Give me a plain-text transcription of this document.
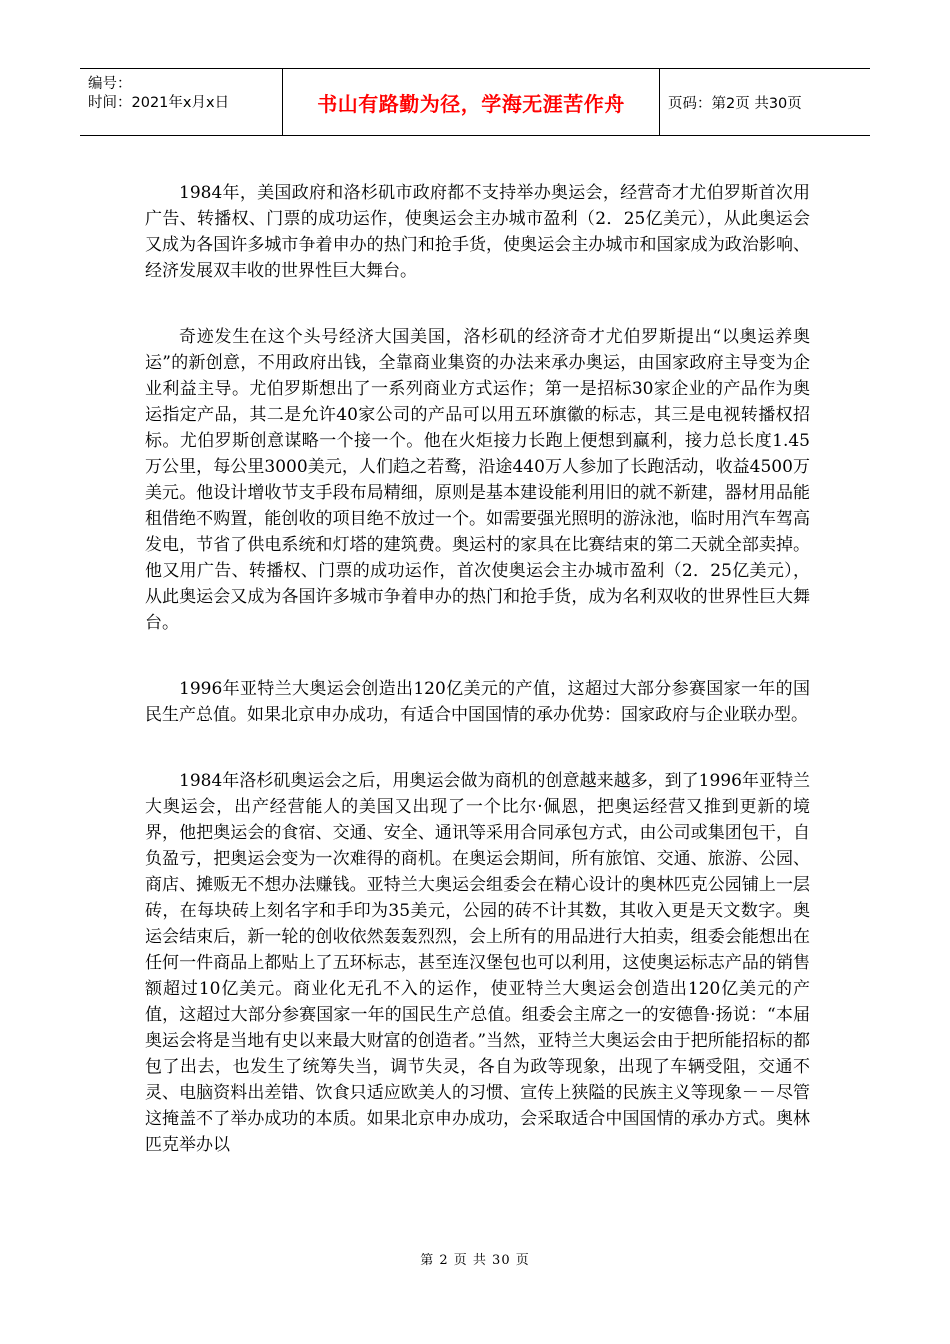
编号：
时间：2021年x月x日	书山有路勤为径，学海无涯苦作舟	页码：第2页 共30页

1984年，美国政府和洛杉矶市政府都不支持举办奥运会，经营奇才尤伯罗斯首次用广告、转播权、门票的成功运作，使奥运会主办城市盈利（2．25亿美元），从此奥运会又成为各国许多城市争着申办的热门和抢手货，使奥运会主办城市和国家成为政治影响、经济发展双丰收的世界性巨大舞台。

奇迹发生在这个头号经济大国美国，洛杉矶的经济奇才尤伯罗斯提出“以奥运养奥运”的新创意，不用政府出钱，全靠商业集资的办法来承办奥运，由国家政府主导变为企业利益主导。尤伯罗斯想出了一系列商业方式运作；第一是招标30家企业的产品作为奥运指定产品，其二是允许40家公司的产品可以用五环旗徽的标志，其三是电视转播权招标。尤伯罗斯创意谋略一个接一个。他在火炬接力长跑上便想到赢利，接力总长度1.45万公里，每公里3000美元，人们趋之若鹜，沿途440万人参加了长跑活动，收益4500万美元。他设计增收节支手段布局精细，原则是基本建设能利用旧的就不新建，器材用品能租借绝不购置，能创收的项目绝不放过一个。如需要强光照明的游泳池，临时用汽车驾高发电，节省了供电系统和灯塔的建筑费。奥运村的家具在比赛结束的第二天就全部卖掉。他又用广告、转播权、门票的成功运作，首次使奥运会主办城市盈利（2．25亿美元），从此奥运会又成为各国许多城市争着申办的热门和抢手货，成为名利双收的世界性巨大舞台。

1996年亚特兰大奥运会创造出120亿美元的产值，这超过大部分参赛国家一年的国民生产总值。如果北京申办成功，有适合中国国情的承办优势：国家政府与企业联办型。

1984年洛杉矶奥运会之后，用奥运会做为商机的创意越来越多，到了1996年亚特兰大奥运会，出产经营能人的美国又出现了一个比尔·佩恩，把奥运经营又推到更新的境界，他把奥运会的食宿、交通、安全、通讯等采用合同承包方式，由公司或集团包干，自负盈亏，把奥运会变为一次难得的商机。在奥运会期间，所有旅馆、交通、旅游、公园、商店、摊贩无不想办法赚钱。亚特兰大奥运会组委会在精心设计的奥林匹克公园铺上一层砖，在每块砖上刻名字和手印为35美元，公园的砖不计其数，其收入更是天文数字。奥运会结束后，新一轮的创收依然轰轰烈烈，会上所有的用品进行大拍卖，组委会能想出在任何一件商品上都贴上了五环标志，甚至连汉堡包也可以利用，这使奥运标志产品的销售额超过10亿美元。商业化无孔不入的运作，使亚特兰大奥运会创造出120亿美元的产值，这超过大部分参赛国家一年的国民生产总值。组委会主席之一的安德鲁·扬说：“本届奥运会将是当地有史以来最大财富的创造者。”当然，亚特兰大奥运会由于把所能招标的都包了出去，也发生了统筹失当，调节失灵，各自为政等现象，出现了车辆受阻，交通不灵、电脑资料出差错、饮食只适应欧美人的习惯、宣传上狭隘的民族主义等现象－－尽管这掩盖不了举办成功的本质。如果北京申办成功，会采取适合中国国情的承办方式。奥林匹克举办以

第 2 页 共 30 页
